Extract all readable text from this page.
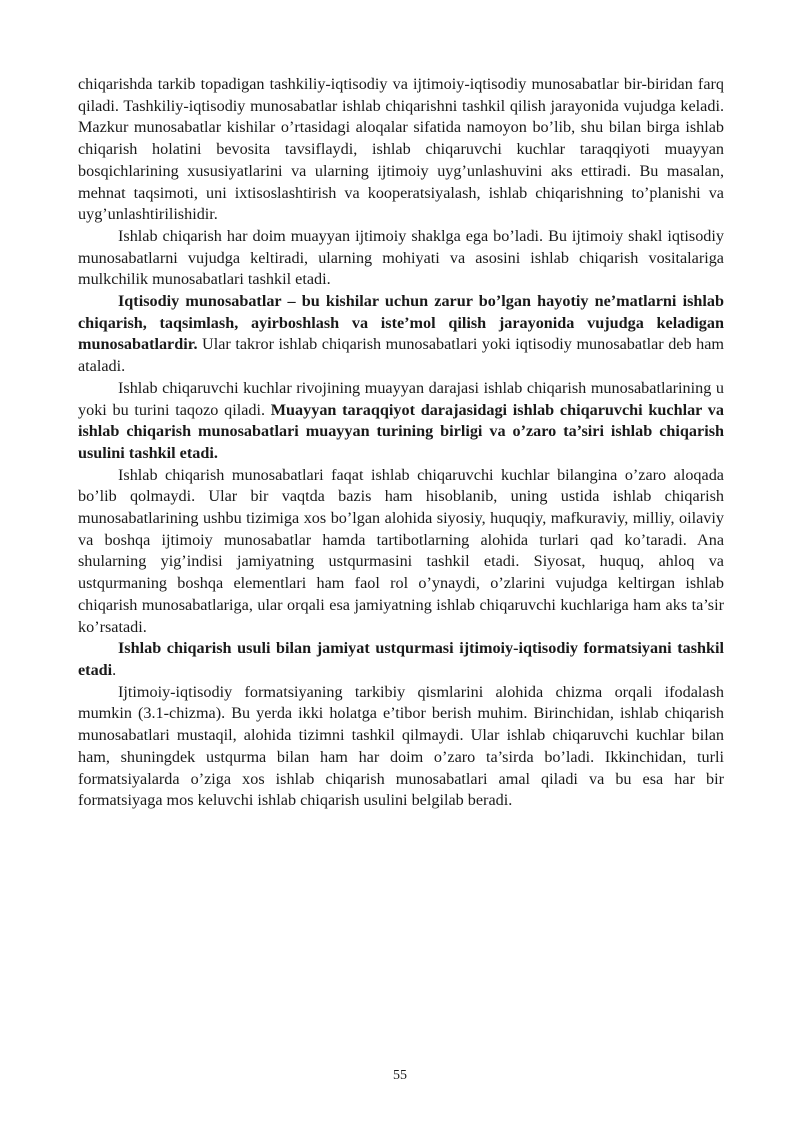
chiqarishda tarkib topadigan tashkiliy-iqtisodiy va ijtimoiy-iqtisodiy munosabatlar bir-biridan farq qiladi. Tashkiliy-iqtisodiy munosabatlar ishlab chiqarishni tashkil qilish jarayonida vujudga keladi. Mazkur munosabatlar kishilar o’rtasidagi aloqalar sifatida namoyon bo’lib, shu bilan birga ishlab chiqarish holatini bevosita tavsiflaydi, ishlab chiqaruvchi kuchlar taraqqiyoti muayyan bosqichlarining xususiyatlarini va ularning ijtimoiy uyg’unlashuvini aks ettiradi. Bu masalan, mehnat taqsimoti, uni ixtisoslashtirish va kooperatsiyalash, ishlab chiqarishning to’planishi va uyg’unlashtirilishidir.

Ishlab chiqarish har doim muayyan ijtimoiy shaklga ega bo’ladi. Bu ijtimoiy shakl iqtisodiy munosabatlarni vujudga keltiradi, ularning mohiyati va asosini ishlab chiqarish vositalariga mulkchilik munosabatlari tashkil etadi.

Iqtisodiy munosabatlar – bu kishilar uchun zarur bo’lgan hayotiy ne’matlarni ishlab chiqarish, taqsimlash, ayirboshlash va iste’mol qilish jarayonida vujudga keladigan munosabatlardir. Ular takror ishlab chiqarish munosabatlari yoki iqtisodiy munosabatlar deb ham ataladi.

Ishlab chiqaruvchi kuchlar rivojining muayyan darajasi ishlab chiqarish munosabatlarining u yoki bu turini taqozo qiladi. Muayyan taraqqiyot darajasidagi ishlab chiqaruvchi kuchlar va ishlab chiqarish munosabatlari muayyan turining birligi va o’zaro ta’siri ishlab chiqarish usulini tashkil etadi.

Ishlab chiqarish munosabatlari faqat ishlab chiqaruvchi kuchlar bilangina o’zaro aloqada bo’lib qolmaydi. Ular bir vaqtda bazis ham hisoblanib, uning ustida ishlab chiqarish munosabatlarining ushbu tizimiga xos bo’lgan alohida siyosiy, huquqiy, mafkuraviy, milliy, oilaviy va boshqa ijtimoiy munosabatlar hamda tartibotlarning alohida turlari qad ko’taradi. Ana shularning yig’indisi jamiyatning ustqurmasini tashkil etadi. Siyosat, huquq, ahloq va ustqurmaning boshqa elementlari ham faol rol o’ynaydi, o’zlarini vujudga keltirgan ishlab chiqarish munosabatlariga, ular orqali esa jamiyatning ishlab chiqaruvchi kuchlariga ham aks ta’sir ko’rsatadi.

Ishlab chiqarish usuli bilan jamiyat ustqurmasi ijtimoiy-iqtisodiy formatsiyani tashkil etadi.

Ijtimoiy-iqtisodiy formatsiyaning tarkibiy qismlarini alohida chizma orqali ifodalash mumkin (3.1-chizma). Bu yerda ikki holatga e’tibor berish muhim. Birinchidan, ishlab chiqarish munosabatlari mustaqil, alohida tizimni tashkil qilmaydi. Ular ishlab chiqaruvchi kuchlar bilan ham, shuningdek ustqurma bilan ham har doim o’zaro ta’sirda bo’ladi. Ikkinchidan, turli formatsiyalarda o’ziga xos ishlab chiqarish munosabatlari amal qiladi va bu esa har bir formatsiyaga mos keluvchi ishlab chiqarish usulini belgilab beradi.

55
